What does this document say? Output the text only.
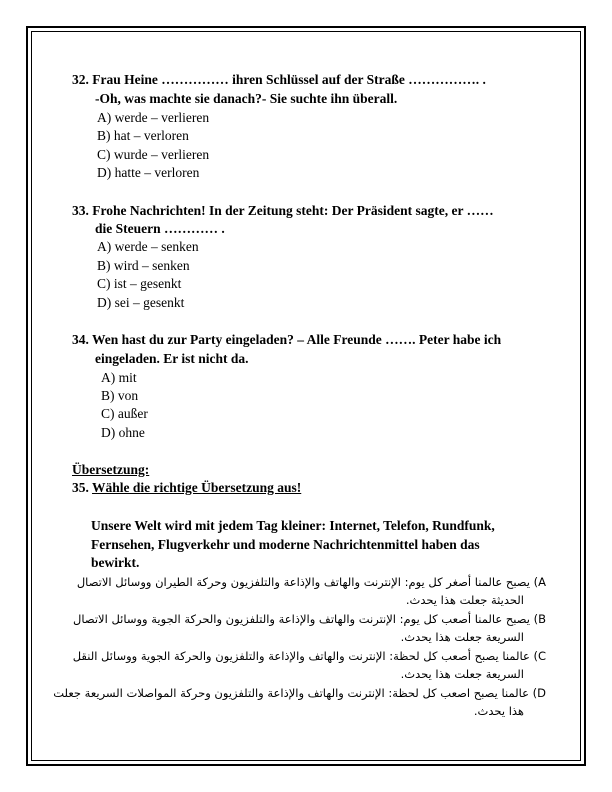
32. Frau Heine …………… ihren Schlüssel auf der Straße ……………. .
-Oh, was machte sie danach?- Sie suchte ihn überall.
A) werde – verlieren
B) hat – verloren
C) wurde – verlieren
D) hatte – verloren
33. Frohe Nachrichten! In der Zeitung steht: Der Präsident sagte, er ……
die Steuern ………… .
A) werde – senken
B) wird – senken
C) ist – gesenkt
D) sei – gesenkt
34. Wen hast du zur Party eingeladen? – Alle Freunde ……. Peter habe ich
eingeladen. Er ist nicht da.
A) mit
B) von
C) außer
D) ohne
Übersetzung:
35. Wähle die richtige Übersetzung aus!
Unsere Welt wird mit jedem Tag kleiner: Internet, Telefon, Rundfunk,
Fernsehen, Flugverkehr und moderne Nachrichtenmittel haben das
bewirkt.
A) يصبح عالمنا أصغر كل يوم: الإنترنت والهاتف والإذاعة والتلفزيون وحركة الطيران ووسائل الاتصال
الحديثة جعلت هذا يحدث.
B) يصبح عالمنا أصعب كل يوم: الإنترنت والهاتف والإذاعة والتلفزيون والحركة الجوية ووسائل الاتصال
السريعة جعلت هذا يحدث.
C) عالمنا يصبح أصعب كل لحظة: الإنترنت والهاتف والإذاعة والتلفزيون والحركة الجوية ووسائل النقل
السريعة جعلت هذا يحدث.
D) عالمنا يصبح اصعب كل لحظة: الإنترنت والهاتف والإذاعة والتلفزيون وحركة المواصلات السريعة جعلت
هذا يحدث.
